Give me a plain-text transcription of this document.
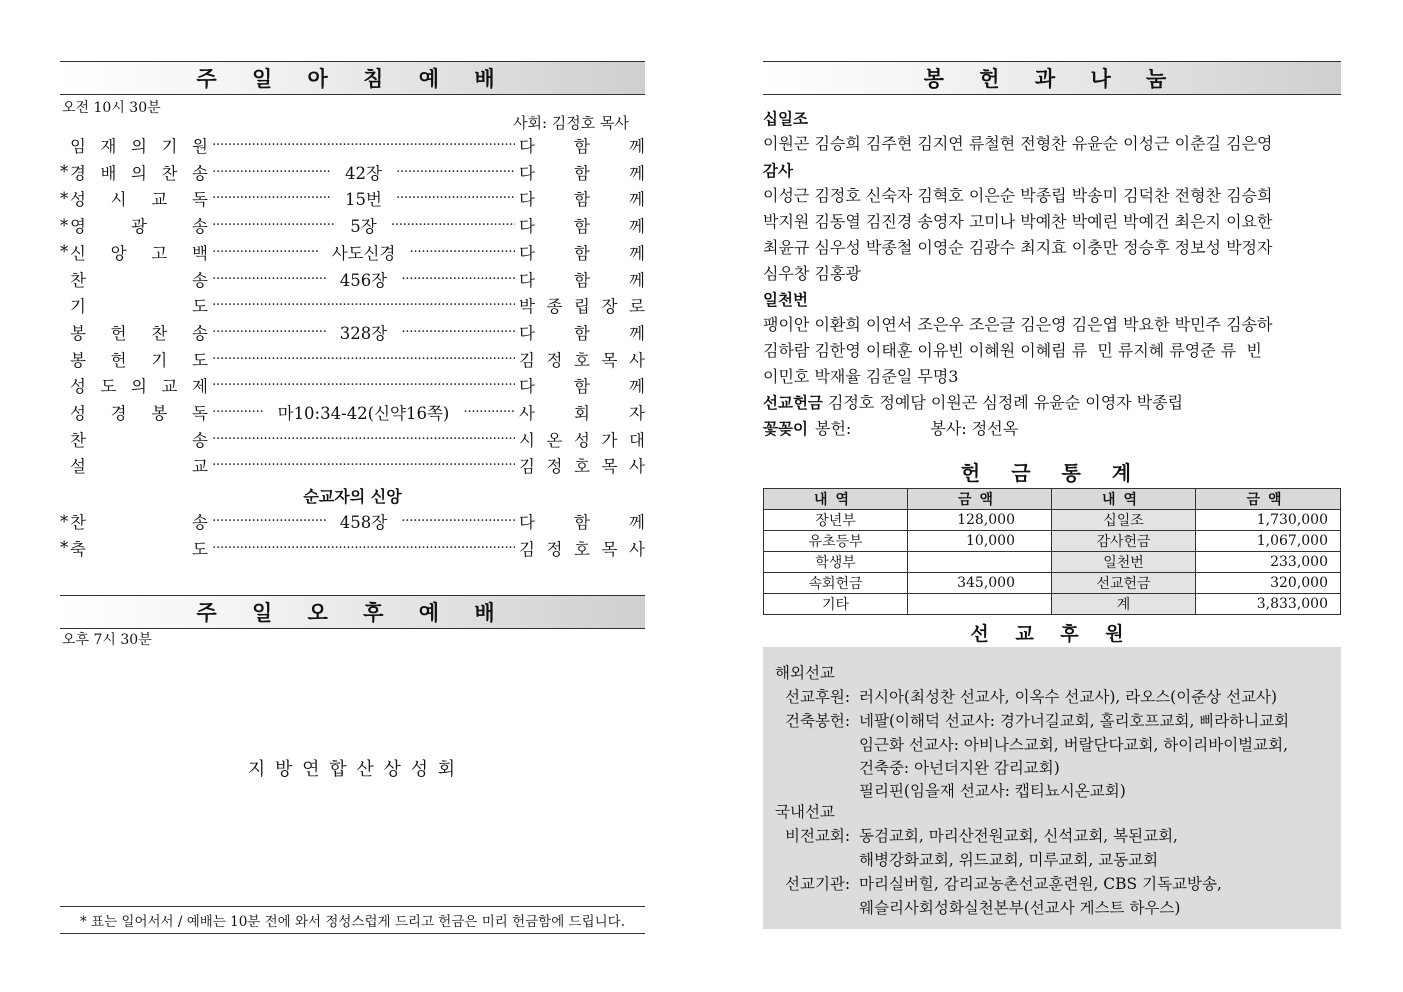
주 일 아 침 예 배
오전 10시 30분
사회: 김정호 목사
임 재 의 기 원 ·····	다 함 께
* 경 배 의 찬 송 ·····	42장 ·····	다 함 께
* 성 시 교 독 ·····	15번 ·····	다 함 께
* 영	광	송 ·····	5장 ·····	다 함 께
* 신 앙 고 백 ·····	사도신경 ·····	다 함 께
찬	송 ·····	456장 ·····	다 함 께
기	도 ·····	박 종 립 장 로
봉 헌 찬 송 ·····	328장 ·····	다 함 께
봉 헌 기 도 ·····	김 정 호 목 사
성 도 의 교 제 ·····	다 함 께
성 경 봉 독 ·····	마10:34-42(신약16쪽) ·····	사 회 자
찬	송 ·····	시 온 성 가 대
설	교 ·····	김 정 호 목 사
순교자의 신앙
* 찬	송 ·····	458장 ·····	다 함 께
* 축	도 ·····	김 정 호 목 사
주 일 오 후 예 배
오후 7시 30분
지 방 연 합 산 상 성 회
* 표는 일어서서 / 예배는 10분 전에 와서 정성스럽게 드리고 헌금은 미리 헌금함에 드립니다.
봉 헌 과 나 눔
십일조
이원곤 김승희 김주현 김지연 류철현 전형찬 유윤순 이성근 이춘길 김은영
감사
이성근 김정호 신숙자 김혁호 이은순 박종립 박송미 김덕찬 전형찬 김승희
박지원 김동열 김진경 송영자 고미나 박예찬 박예린 박예건 최은지 이요한
최윤규 심우성 박종철 이영순 김광수 최지효 이충만 정승후 정보성 박정자
심우창 김홍광
일천번
팽이안 이환희 이연서 조은우 조은글 김은영 김은엽 박요한 박민주 김송하
김하람 김한영 이태훈 이유빈 이혜원 이혜림 류  민 류지혜 류영준 류  빈
이민호 박재율 김준일 무명3
선교헌금 김정호 정예담 이원곤 심정례 유윤순 이영자 박종립
꽃꽂이 봉헌:	봉사: 정선옥
헌 금 통 계
내역	금액	내역	금액
장년부	128,000	십일조	1,730,000
유초등부	10,000	감사헌금	1,067,000
학생부		일천번	233,000
속회헌금	345,000	선교헌금	320,000
기타		계	3,833,000
선 교 후 원
해외선교
선교후원: 러시아(최성찬 선교사, 이옥수 선교사), 라오스(이준상 선교사)
건축봉헌: 네팔(이해덕 선교사: 경가너길교회, 홀리호프교회, 삐라하니교회
임근화 선교사: 아비나스교회, 버랄단다교회, 하이리바이벌교회,
건축중: 아넌더지완 감리교회)
필리핀(임을재 선교사: 캡티뇨시온교회)
국내선교
비전교회: 동검교회, 마리산전원교회, 신석교회, 복된교회,
해병강화교회, 위드교회, 미루교회, 교동교회
선교기관: 마리실버힐, 감리교농촌선교훈련원, CBS 기독교방송,
웨슬리사회성화실천본부(선교사 게스트 하우스)
